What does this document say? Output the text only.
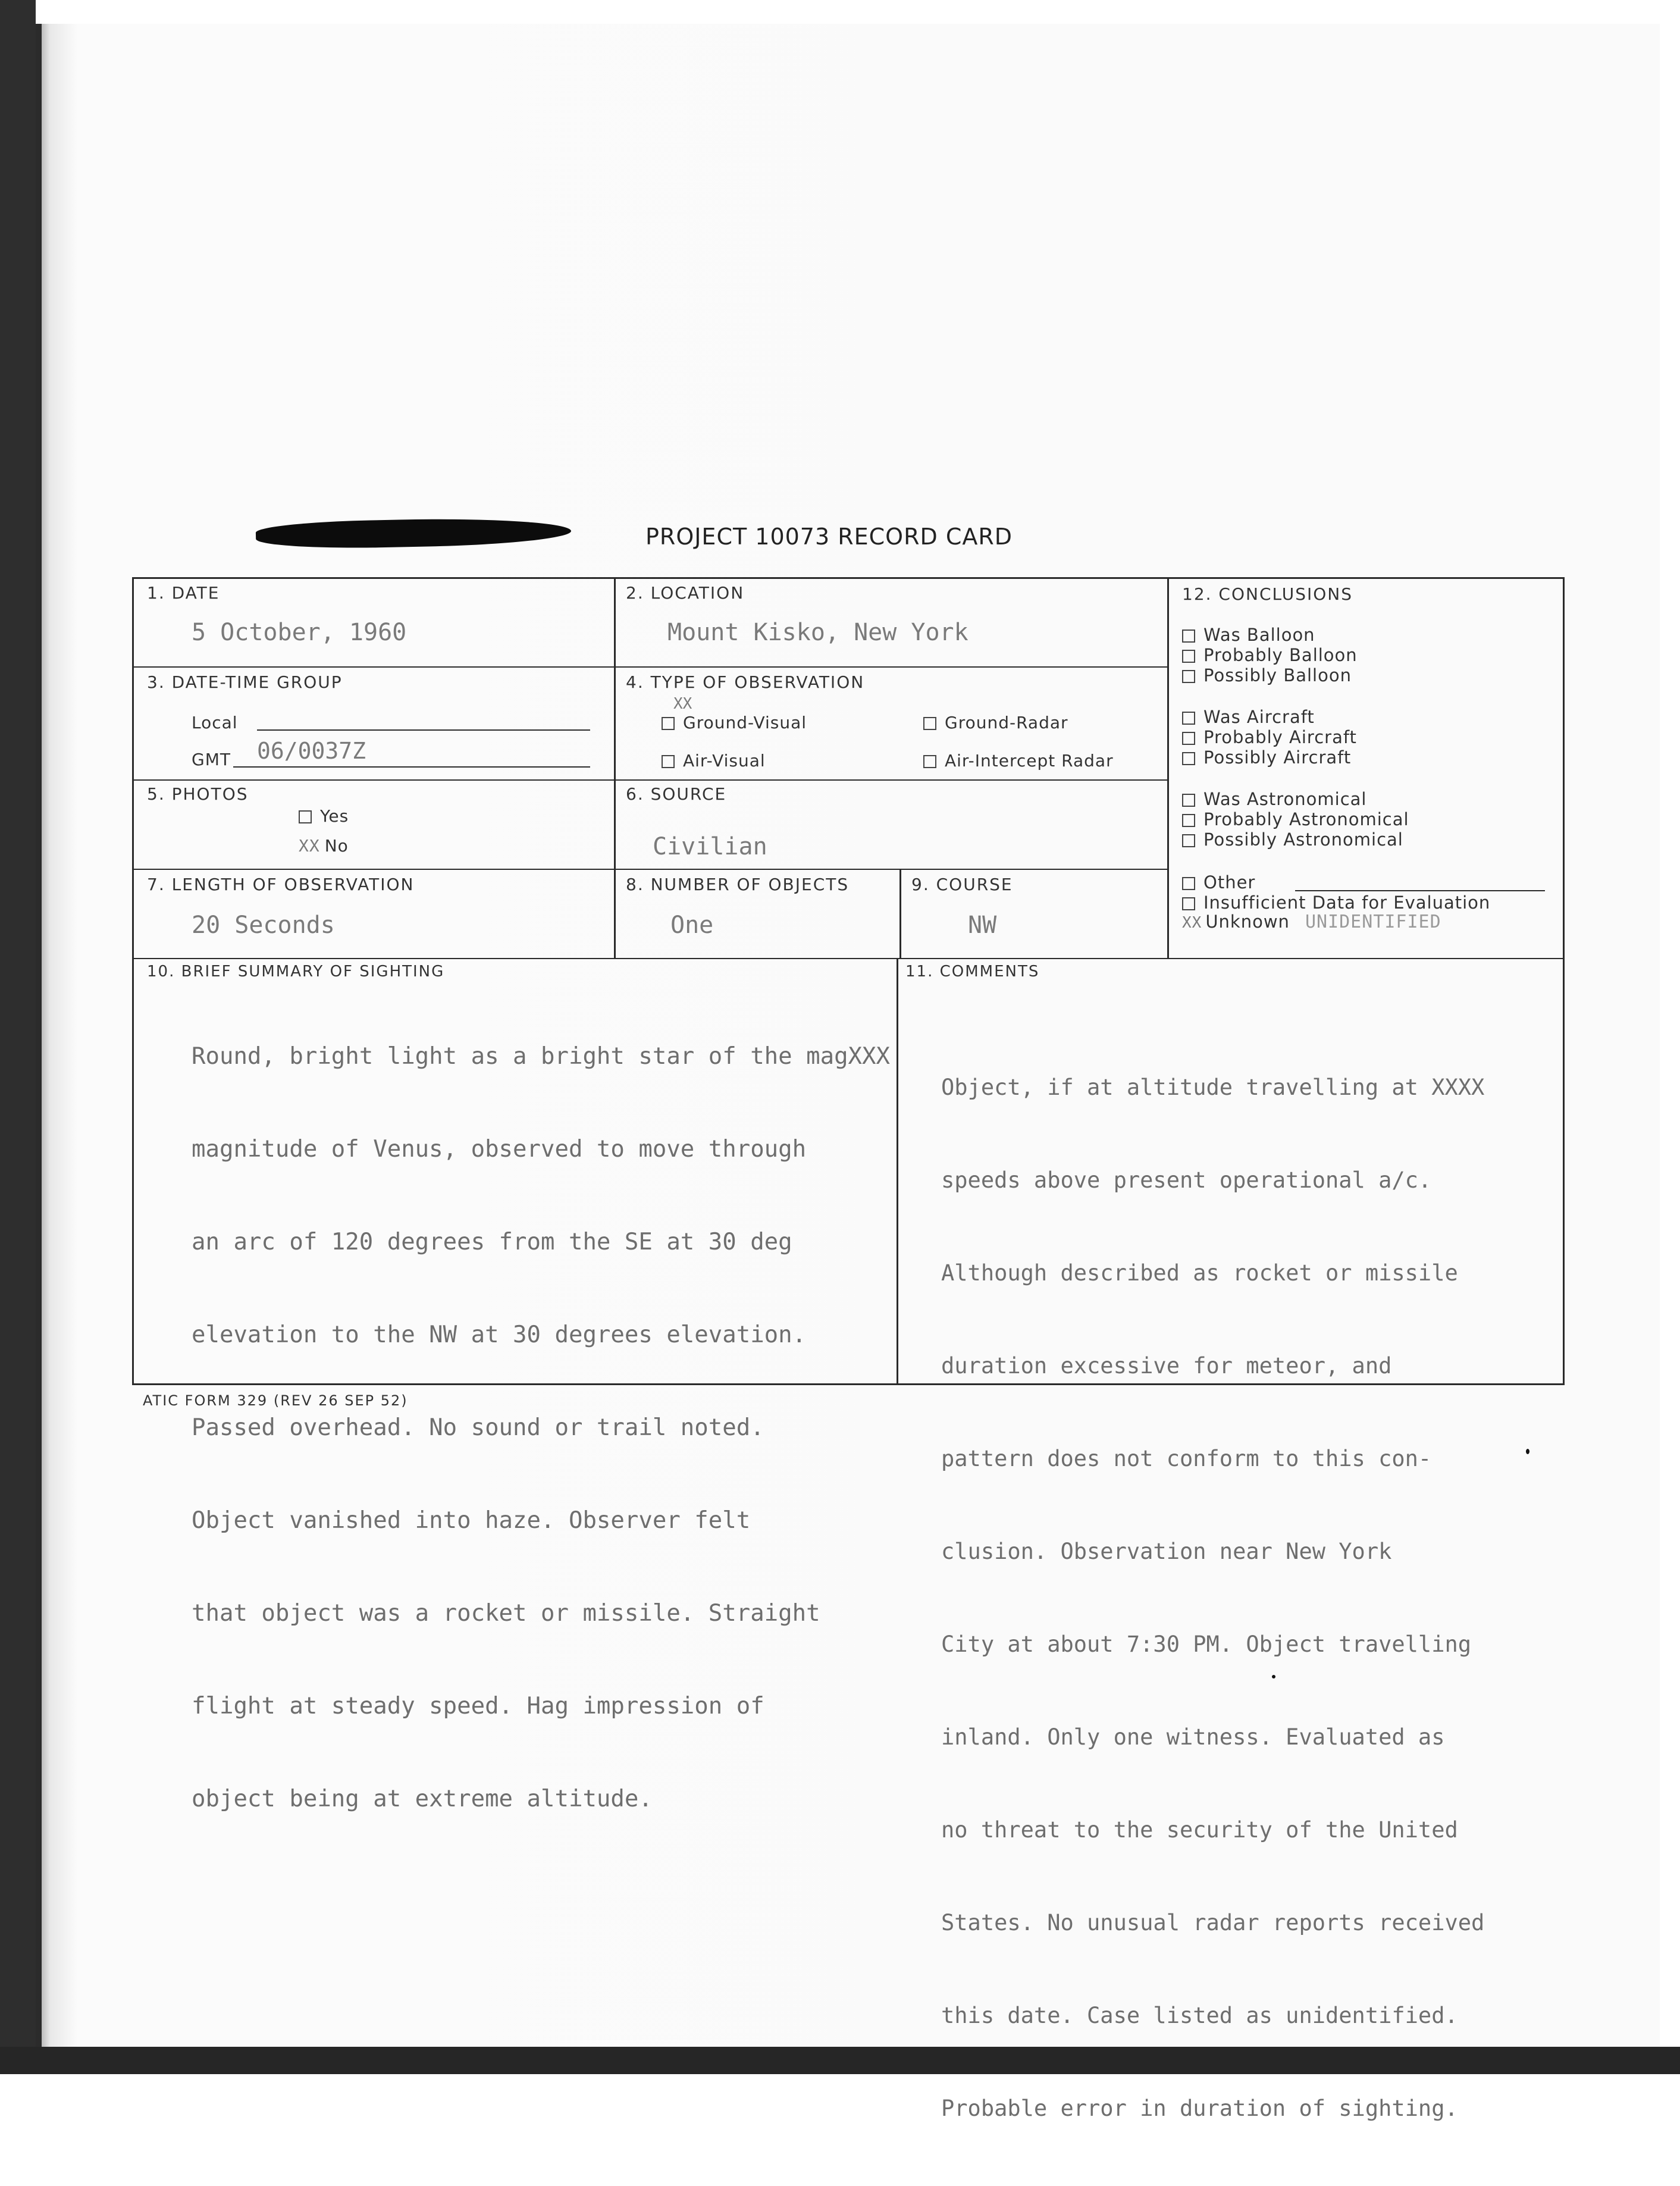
PROJECT 10073 RECORD CARD
1. DATE
5 October, 1960
2. LOCATION
Mount Kisko, New York
3. DATE-TIME GROUP
Local
GMT 06/0037Z
4. TYPE OF OBSERVATION
XX
Ground-Visual	Ground-Radar
Air-Visual	Air-Intercept Radar
5. PHOTOS
Yes
XX No
6. SOURCE
Civilian
7. LENGTH OF OBSERVATION
20 Seconds
8. NUMBER OF OBJECTS
One
9. COURSE
NW
12. CONCLUSIONS
10. BRIEF SUMMARY OF SIGHTING

Round, bright light as a bright star of the magXXX

magnitude of Venus, observed to move through

an arc of 120 degrees from the SE at 30 deg

elevation to the NW at 30 degrees elevation.

Passed overhead. No sound or trail noted.

Object vanished into haze. Observer felt

that object was a rocket or missile. Straight

flight at steady speed. Hag impression of

object being at extreme altitude.

11. COMMENTS

Object, if at altitude travelling at XXXX

speeds above present operational a/c.

Although described as rocket or missile

duration excessive for meteor, and

pattern does not conform to this con-

clusion. Observation near New York

City at about 7:30 PM. Object travelling

inland. Only one witness. Evaluated as

no threat to the security of the United

States. No unusual radar reports received

this date. Case listed as unidentified.

Probable error in duration of sighting.

Was Balloon
Probably Balloon
Possibly Balloon
Was Aircraft
Probably Aircraft
Possibly Aircraft
Was Astronomical
Probably Astronomical
Possibly Astronomical
Other
Insufficient Data for Evaluation
XX Unknown UNIDENTIFIED
ATIC FORM 329 (REV 26 SEP 52)
